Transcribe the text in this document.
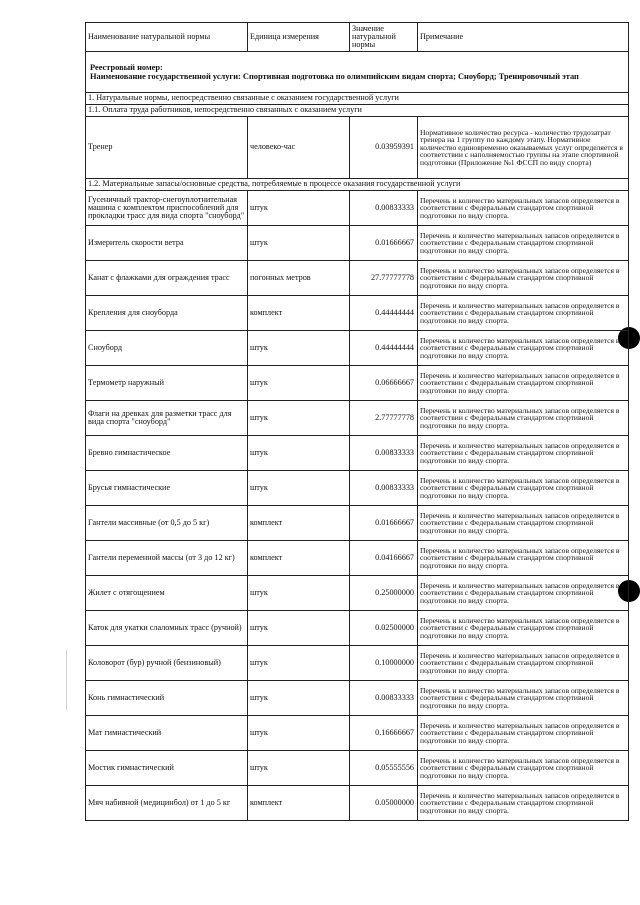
Наименование натуральной нормы	Единица измерения	Значение натуральной нормы	Примечание

Реестровый номер:
Наименование государственной услуги: Спортивная подготовка по олимпийским видам спорта; Сноуборд; Тренировочный этап			

1. Натуральные нормы, непосредственно связанные с оказанием государственной услуги			
1.1. Оплата труда работников, непосредственно связанных с оказанием услуги			
Тренер	человеко-час	0.03959391	Нормативное количество ресурса - количество трудозатрат тренера на 1 группу по каждому этапу. Нормативное количество единовременно оказываемых услуг определяется в соответствии с наполняемостью группы на этапе спортивной подготовки (Приложение №1 ФССП по виду спорта)
1.2. Материальные запасы/основные средства, потребляемые в процессе оказания государственной услуги			
Гусеничный трактор-снегоуплотнительная машина с комплектом приспособлений для прокладки трасс для вида спорта "сноуборд"	штук	0.00833333	Перечень и количество материальных запасов определяется в соответствии с Федеральным стандартом спортивной подготовки по виду спорта.
Измеритель скорости ветра	штук	0.01666667	Перечень и количество материальных запасов определяется в соответствии с Федеральным стандартом спортивной подготовки по виду спорта.
Канат с флажками для ограждения трасс	погонных метров	27.77777778	Перечень и количество материальных запасов определяется в соответствии с Федеральным стандартом спортивной подготовки по виду спорта.
Крепления для сноуборда	комплект	0.44444444	Перечень и количество материальных запасов определяется в соответствии с Федеральным стандартом спортивной подготовки по виду спорта.
Сноуборд	штук	0.44444444	Перечень и количество материальных запасов определяется в соответствии с Федеральным стандартом спортивной подготовки по виду спорта.
Термометр наружный	штук	0.06666667	Перечень и количество материальных запасов определяется в соответствии с Федеральным стандартом спортивной подготовки по виду спорта.
Флаги на древках для разметки трасс для вида спорта "сноуборд"	штук	2.77777778	Перечень и количество материальных запасов определяется в соответствии с Федеральным стандартом спортивной подготовки по виду спорта.
Бревно гимнастическое	штук	0.00833333	Перечень и количество материальных запасов определяется в соответствии с Федеральным стандартом спортивной подготовки по виду спорта.
Брусья гимнастические	штук	0.00833333	Перечень и количество материальных запасов определяется в соответствии с Федеральным стандартом спортивной подготовки по виду спорта.
Гантели массивные (от 0,5 до 5 кг)	комплект	0.01666667	Перечень и количество материальных запасов определяется в соответствии с Федеральным стандартом спортивной подготовки по виду спорта.
Гантели переменной массы (от 3 до 12 кг)	комплект	0.04166667	Перечень и количество материальных запасов определяется в соответствии с Федеральным стандартом спортивной подготовки по виду спорта.
Жилет с отягощением	штук	0.25000000	Перечень и количество материальных запасов определяется в соответствии с Федеральным стандартом спортивной подготовки по виду спорта.
Каток для укатки слаломных трасс (ручной)	штук	0.02500000	Перечень и количество материальных запасов определяется в соответствии с Федеральным стандартом спортивной подготовки по виду спорта.
Коловорот (бур) ручной (бензиновый)	штук	0.10000000	Перечень и количество материальных запасов определяется в соответствии с Федеральным стандартом спортивной подготовки по виду спорта.
Конь гимнастический	штук	0.00833333	Перечень и количество материальных запасов определяется в соответствии с Федеральным стандартом спортивной подготовки по виду спорта.
Мат гимнастический	штук	0.16666667	Перечень и количество материальных запасов определяется в соответствии с Федеральным стандартом спортивной подготовки по виду спорта.
Мостик гимнастический	штук	0.05555556	Перечень и количество материальных запасов определяется в соответствии с Федеральным стандартом спортивной подготовки по виду спорта.
Мяч набивной (медицинбол) от 1 до 5 кг	комплект	0.05000000	Перечень и количество материальных запасов определяется в соответствии с Федеральным стандартом спортивной подготовки по виду спорта.
